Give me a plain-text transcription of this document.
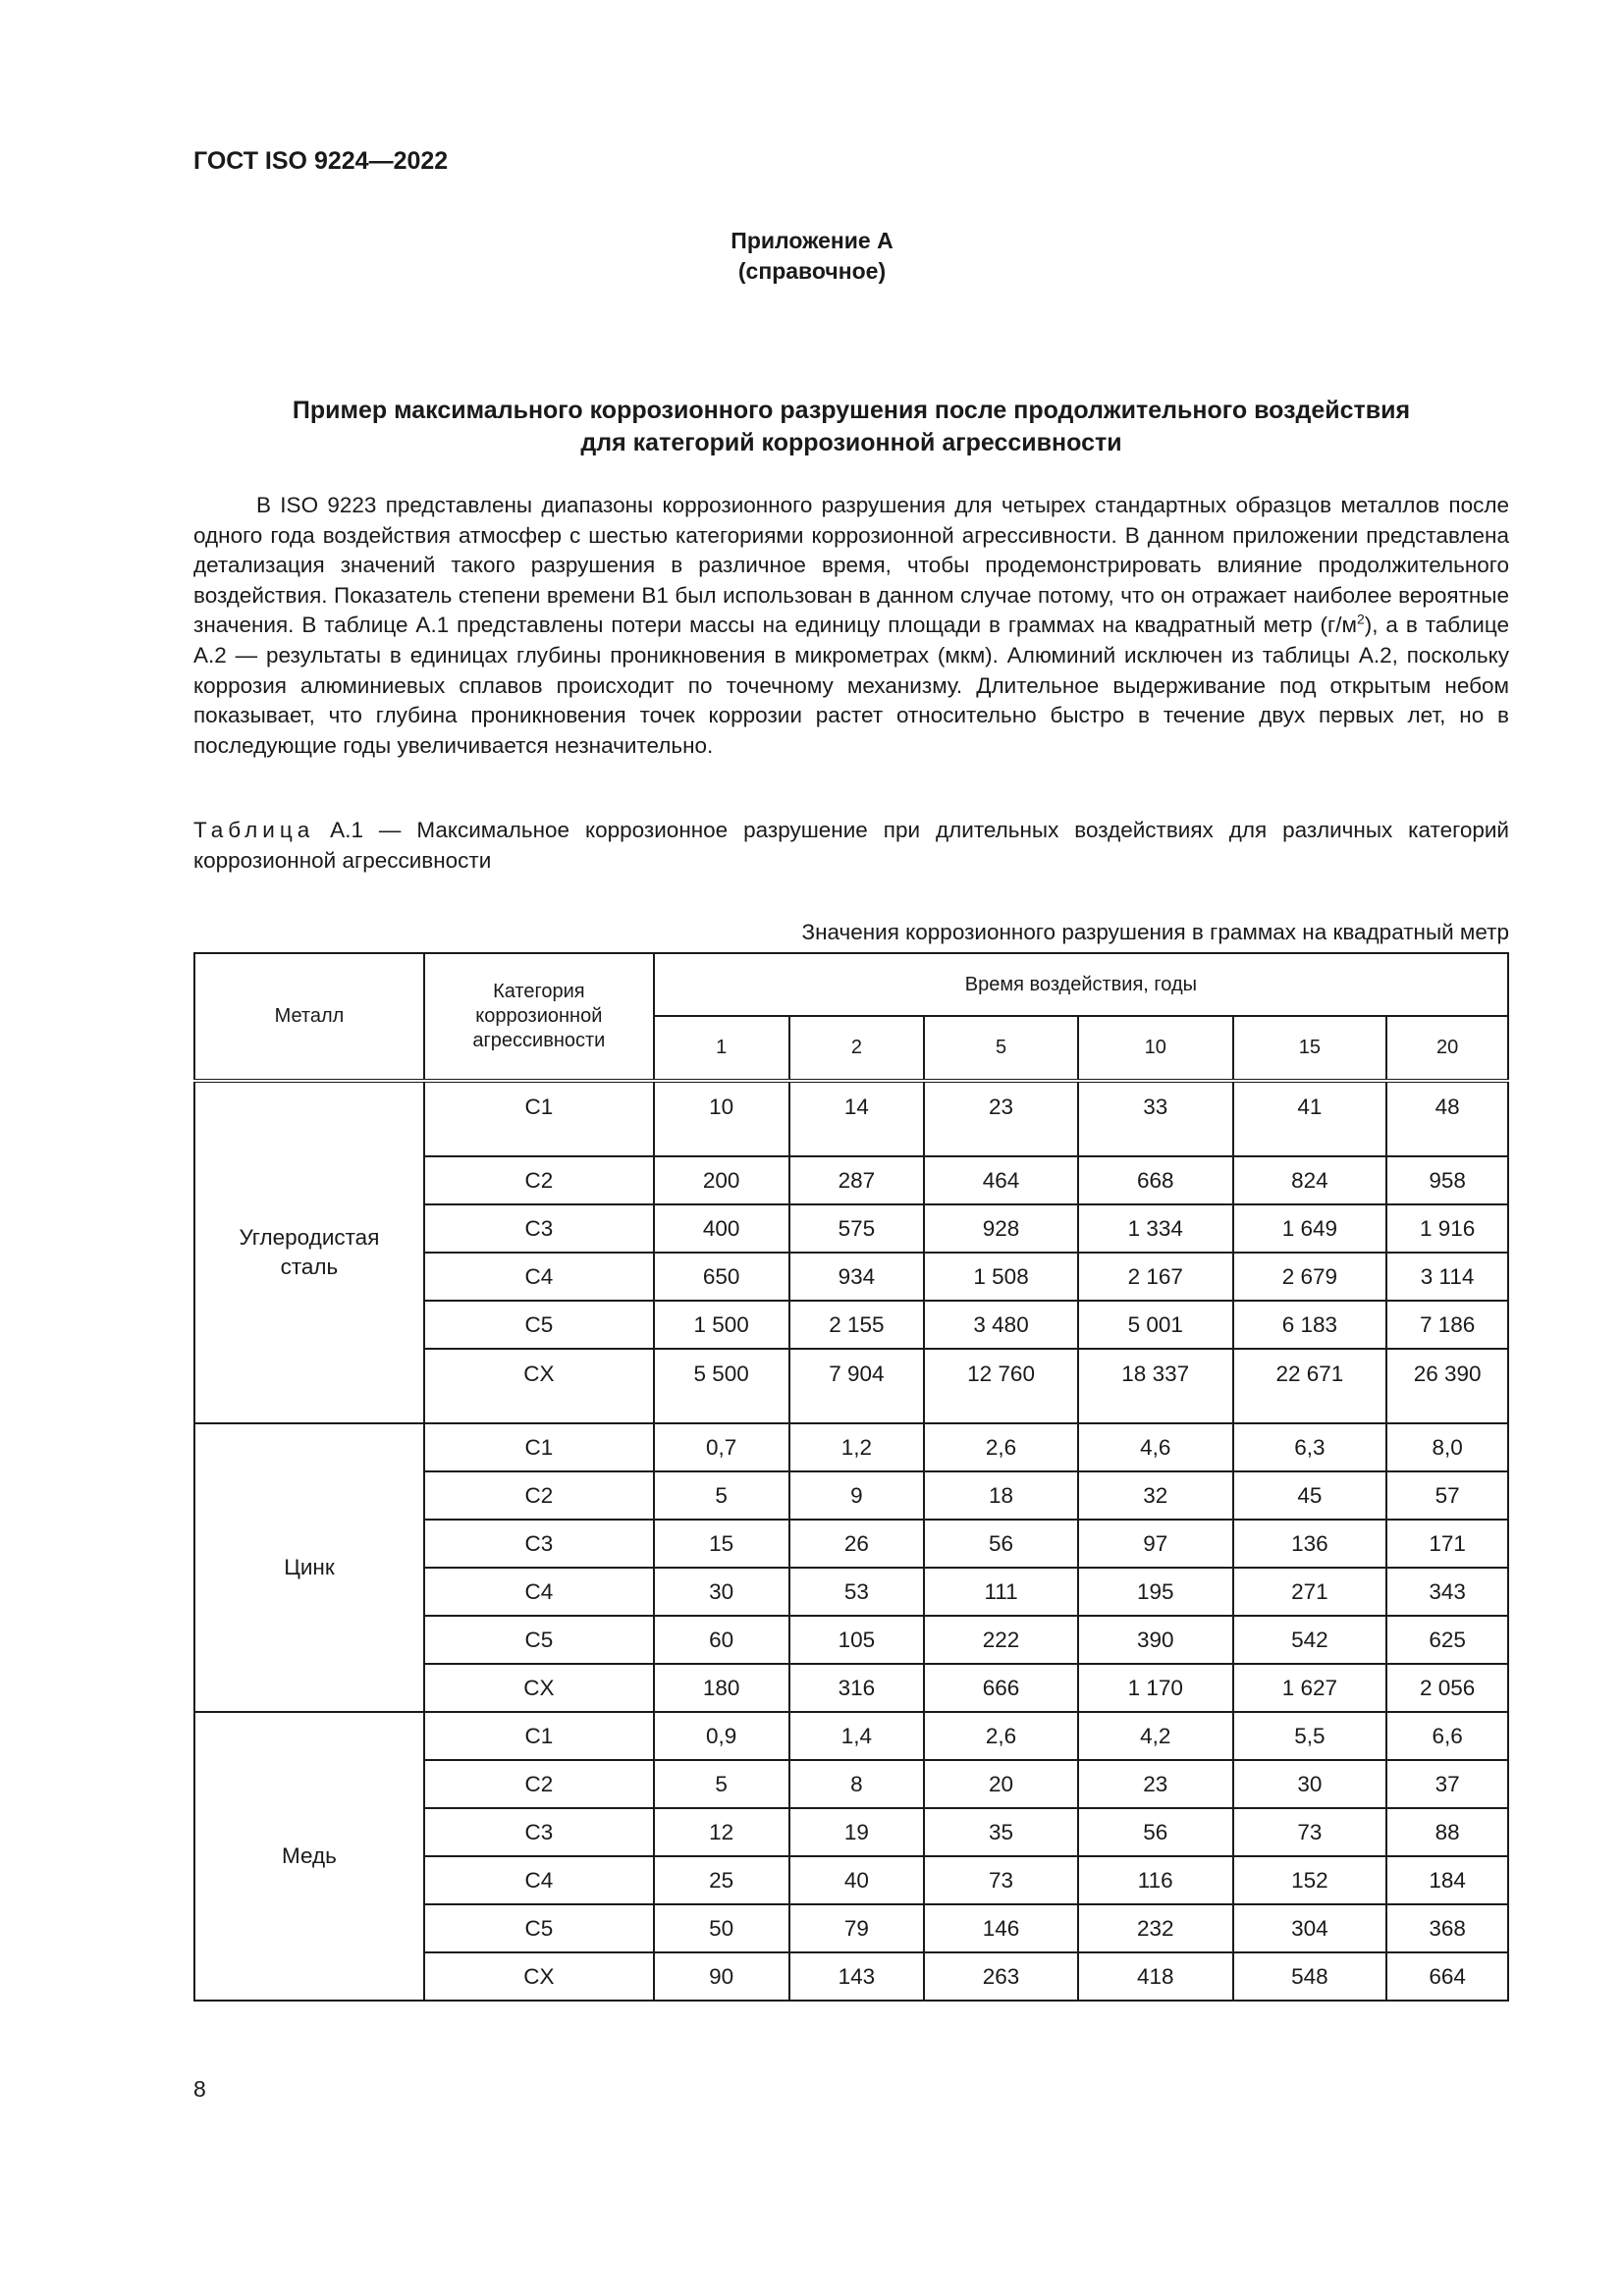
ГОСТ ISO 9224—2022
Приложение А
(справочное)
Пример максимального коррозионного разрушения после продолжительного воздействия
для категорий коррозионной агрессивности

В ISO 9223 представлены диапазоны коррозионного разрушения для четырех стандартных образцов металлов после одного года воздействия атмосфер с шестью категориями коррозионной агрессивности. В данном приложении представлена детализация значений такого разрушения в различное время, чтобы продемонстрировать влияние продолжительного воздействия. Показатель степени времени B1 был использован в данном случае потому, что он отражает наиболее вероятные значения. В таблице А.1 представлены потери массы на единицу площади в граммах на квадратный метр $(г/м^2)$, а в таблице А.2 — результаты в единицах глубины проникновения в микрометрах (мкм). Алюминий исключен из таблицы А.2, поскольку коррозия алюминиевых сплавов происходит по точечному механизму. Длительное выдерживание под открытым небом показывает, что глубина проникновения точек коррозии растет относительно быстро в течение двух первых лет, но в последующие годы увеличивается незначительно.

Таблица А.1 — Максимальное коррозионное разрушение при длительных воздействиях для различных категорий коррозионной агрессивности
Значения коррозионного разрушения в граммах на квадратный метр
Металл	Категория коррозионной агрессивности	Время воздействия, годы					
		1	2	5	10	15	20
Углеродистая сталь	C1	10	14	23	33	41	48
	C2	200	287	464	668	824	958
	C3	400	575	928	1 334	1 649	1 916
	C4	650	934	1 508	2 167	2 679	3 114
	C5	1 500	2 155	3 480	5 001	6 183	7 186
	CX	5 500	7 904	12 760	18 337	22 671	26 390
Цинк	C1	0,7	1,2	2,6	4,6	6,3	8,0
	C2	5	9	18	32	45	57
	C3	15	26	56	97	136	171
	C4	30	53	111	195	271	343
	C5	60	105	222	390	542	625
	CX	180	316	666	1 170	1 627	2 056
Медь	C1	0,9	1,4	2,6	4,2	5,5	6,6
	C2	5	8	20	23	30	37
	C3	12	19	35	56	73	88
	C4	25	40	73	116	152	184
	C5	50	79	146	232	304	368
	CX	90	143	263	418	548	664
8
